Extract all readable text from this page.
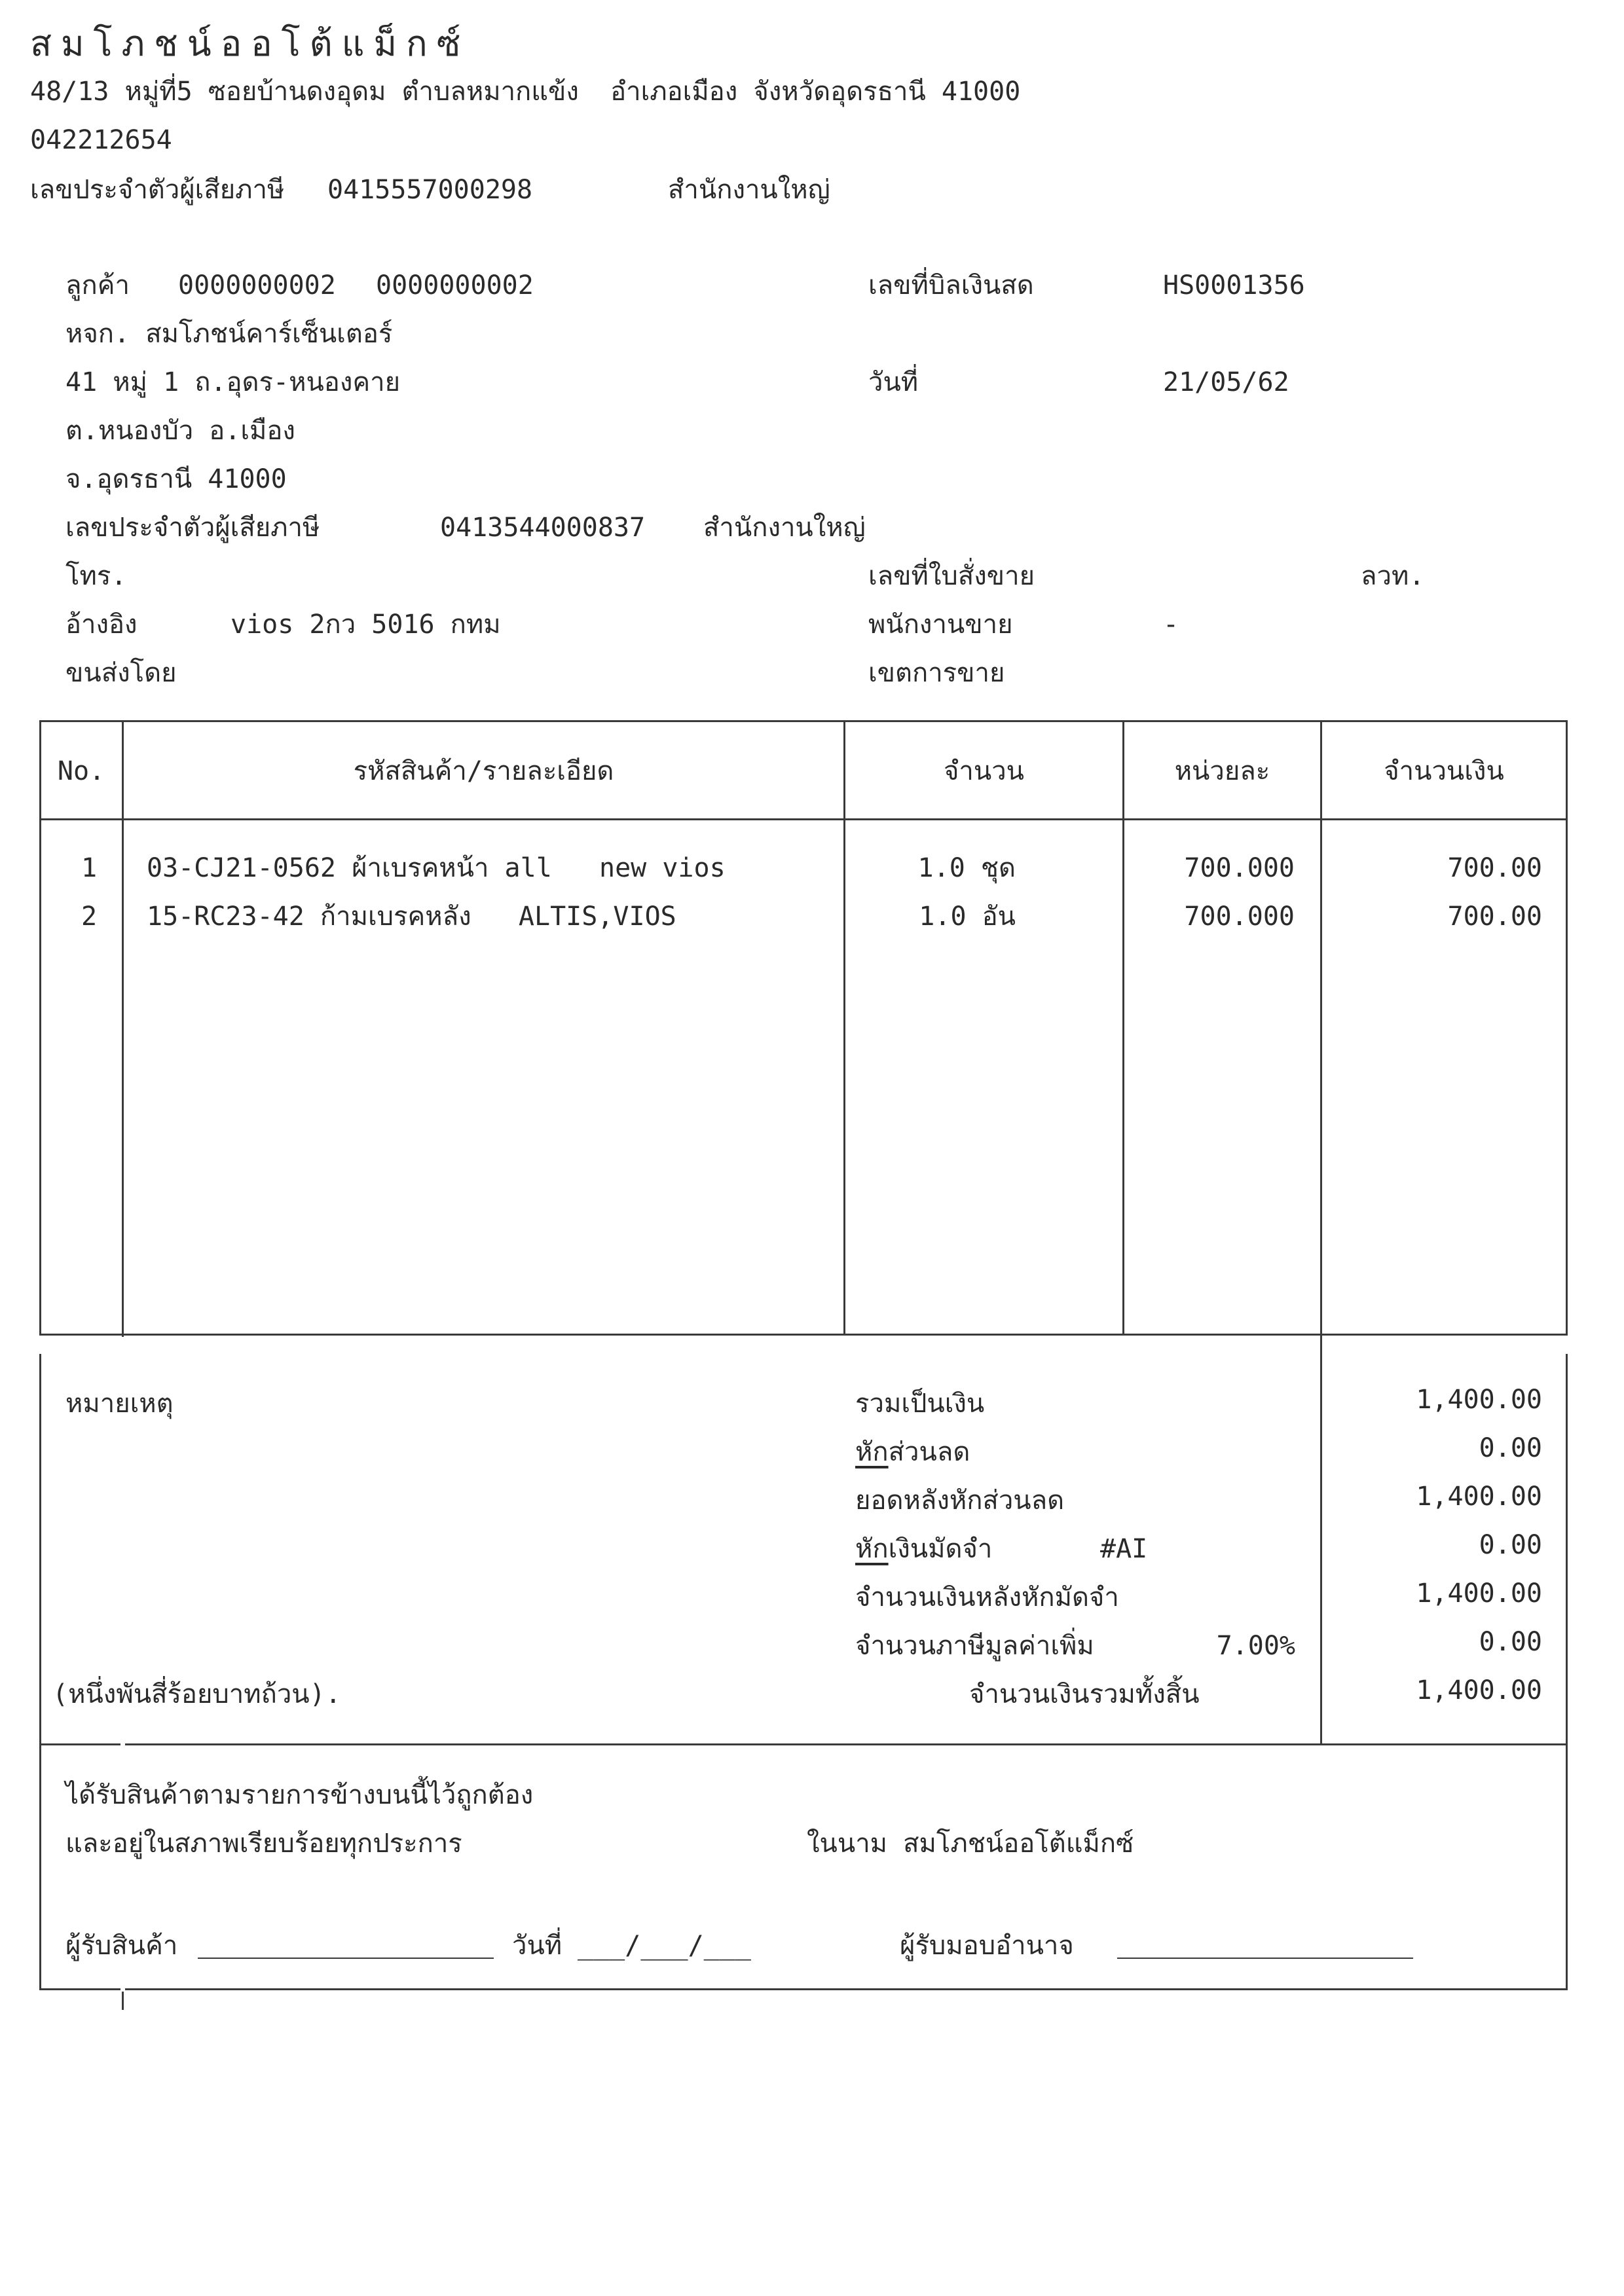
สมโภชน์ออโต้แม็กซ์
48/13 หมู่ที่5 ซอยบ้านดงอุดม ตำบลหมากแข้ง  อำเภอเมือง จังหวัดอุดรธานี 41000
042212654
เลขประจำตัวผู้เสียภาษี 0415557000298	สำนักงานใหญ่
ลูกค้า 0000000002 0000000002
หจก. สมโภชน์คาร์เซ็นเตอร์
41 หมู่ 1 ถ.อุดร-หนองคาย
ต.หนองบัว อ.เมือง
จ.อุดรธานี 41000
เลขประจำตัวผู้เสียภาษี	0413544000837 สำนักงานใหญ่
โทร.
อ้างอิง	vios 2กว 5016 กทม
ขนส่งโดย
เลขที่บิลเงินสด	HS0001356
วันที่	21/05/62
เลขที่ใบสั่งขาย	ลวท.
พนักงานขาย	-
เขตการขาย
No.	รหัสสินค้า/รายละเอียด	จำนวน	หน่วยละ	จำนวนเงิน
1	03-CJ21-0562 ผ้าเบรคหน้า all   new vios	1.0 ชุด	700.000	700.00
2	15-RC23-42 ก้ามเบรคหลัง   ALTIS,VIOS	1.0 อัน	700.000	700.00
หมายเหตุ
(หนึ่งพันสี่ร้อยบาทถ้วน).
รวมเป็นเงิน	1,400.00
หักส่วนลด	0.00
ยอดหลังหักส่วนลด	1,400.00
หักเงินมัดจำ	#AI	0.00
จำนวนเงินหลังหักมัดจำ	1,400.00
จำนวนภาษีมูลค่าเพิ่ม	7.00%	0.00
จำนวนเงินรวมทั้งสิ้น	1,400.00
ได้รับสินค้าตามรายการข้างบนนี้ไว้ถูกต้อง
และอยู่ในสภาพเรียบร้อยทุกประการ	ในนาม สมโภชน์ออโต้แม็กซ์
ผู้รับสินค้า	วันที่ ___/___/___	ผู้รับมอบอำนาจ
